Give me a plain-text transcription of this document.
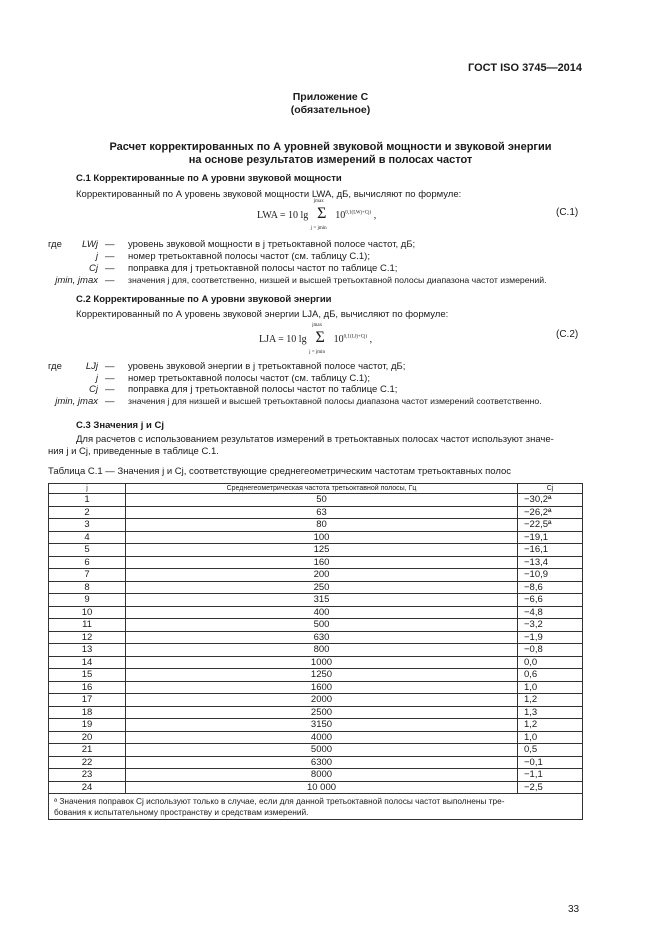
ГОСТ ISO 3745—2014
Приложение С
(обязательное)
Расчет корректированных по А уровней звуковой мощности и звуковой энергии
на основе результатов измерений в полосах частот
С.1 Корректированные по А уровни звуковой мощности
Корректированный по А уровень звуковой мощности LWA, дБ, вычисляют по формуле:
LWA = 10 lg
jmax
Σ
j = jmin
$10^{0,1(LWj+Cj)}$ ,	(С.1)
где	LWj — уровень звуковой мощности в j третьоктавной полосе частот, дБ;
j — номер третьоктавной полосы частот (см. таблицу С.1);
Cj — поправка для j третьоктавной полосы частот по таблице С.1;
jmin, jmax — значения j для, соответственно, низшей и высшей третьоктавной полосы диапазона частот измерений.
С.2 Корректированные по А уровни звуковой энергии
Корректированный по А уровень звуковой энергии LJA, дБ, вычисляют по формуле:
LJA = 10 lg
jmax
Σ
j = jmin
$10^{0,1(LJj+Cj)}$ ,	(С.2)
где	LJj — уровень звуковой энергии в j третьоктавной полосе частот, дБ;
j — номер третьоктавной полосы частот (см. таблицу С.1);
Cj — поправка для j третьоктавной полосы частот по таблице С.1;
jmin, jmax — значения j для низшей и высшей третьоктавной полосы диапазона частот измерений соответственно.
С.3 Значения j и Cj
Для расчетов с использованием результатов измерений в третьоктавных полосах частот используют значе-
ния j и Cj, приведенные в таблице С.1.
Таблица С.1 — Значения j и Cj, соответствующие среднегеометрическим частотам третьоктавных полос
j	Среднегеометрическая частота третьоктавной полосы, Гц	Cj
1	50	−30,2ª
2	63	−26,2ª
3	80	−22,5ª
4	100	−19,1
5	125	−16,1
6	160	−13,4
7	200	−10,9
8	250	−8,6
9	315	−6,6
10	400	−4,8
11	500	−3,2
12	630	−1,9
13	800	−0,8
14	1000	0,0
15	1250	0,6
16	1600	1,0
17	2000	1,2
18	2500	1,3
19	3150	1,2
20	4000	1,0
21	5000	0,5
22	6300	−0,1
23	8000	−1,1
24	10 000	−2,5

ª Значения поправок Cj используют только в случае, если для данной третьоктавной полосы частот выполнены тре-
бования к испытательному пространству и средствам измерений.		
33
